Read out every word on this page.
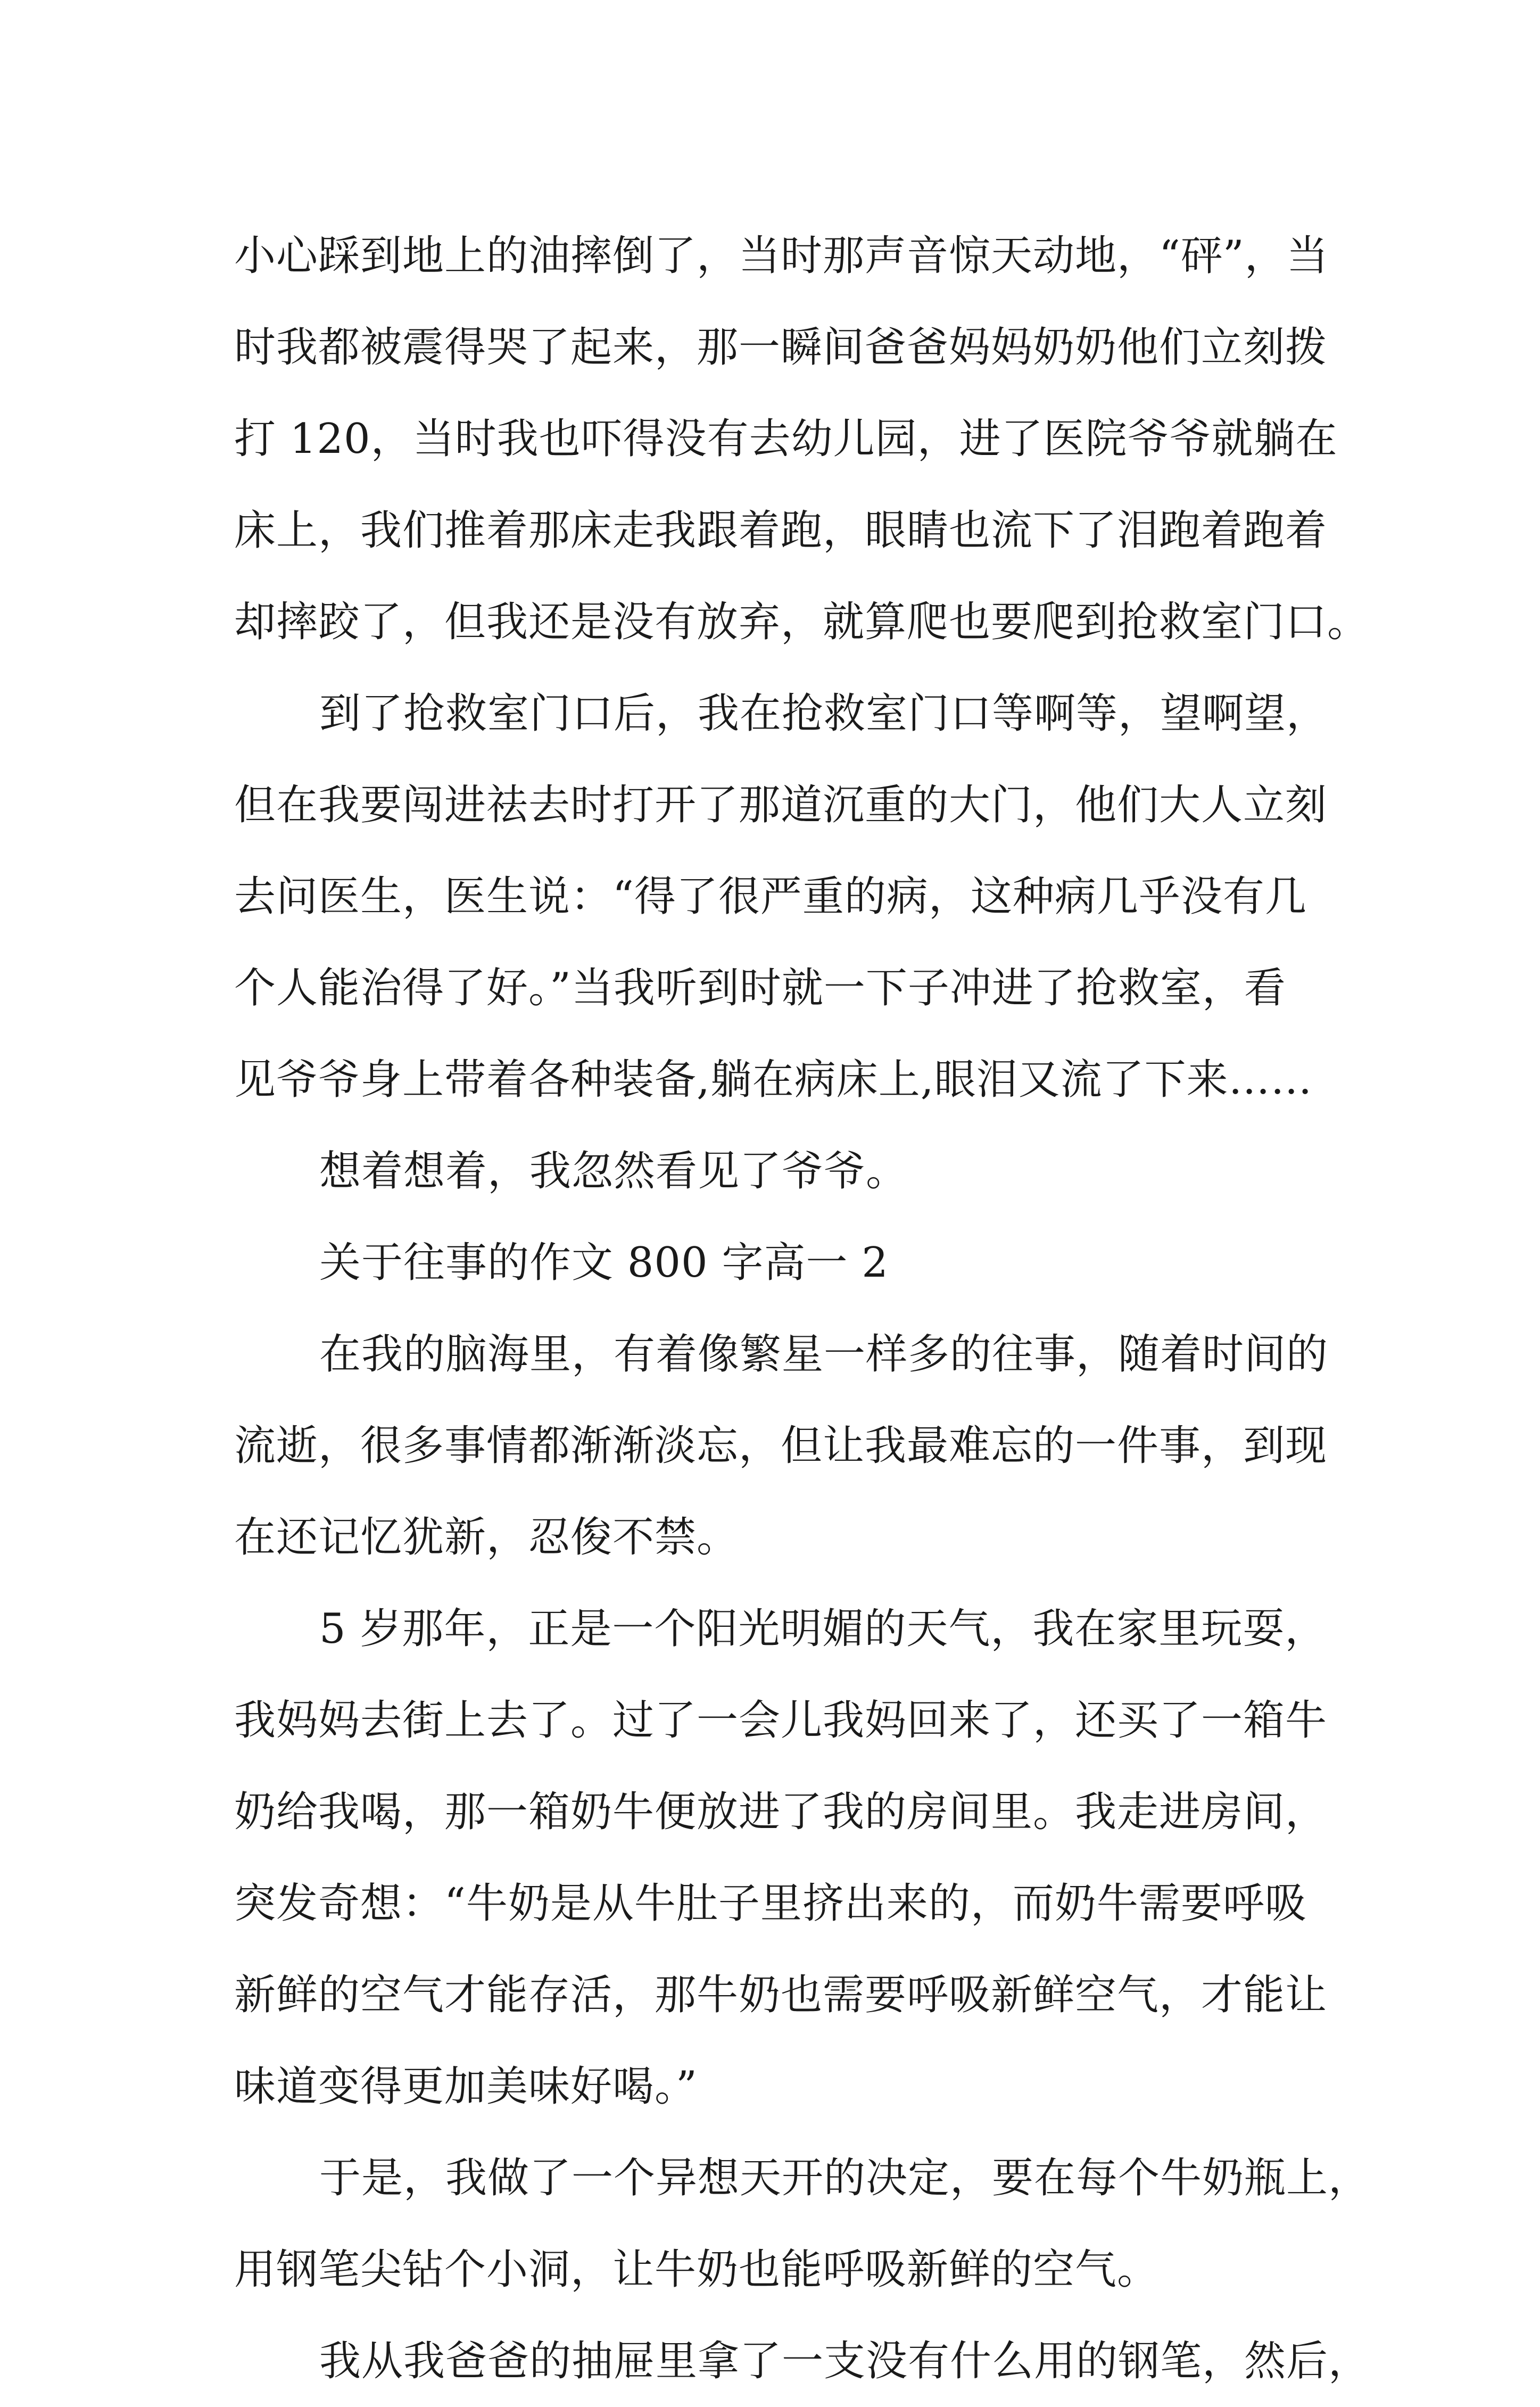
小心踩到地上的油摔倒了，当时那声音惊天动地，“砰”，当
时我都被震得哭了起来，那一瞬间爸爸妈妈奶奶他们立刻拨
打 120，当时我也吓得没有去幼儿园，进了医院爷爷就躺在
床上，我们推着那床走我跟着跑，眼睛也流下了泪跑着跑着
却摔跤了，但我还是没有放弃，就算爬也要爬到抢救室门口。
到了抢救室门口后，我在抢救室门口等啊等，望啊望，
但在我要闯进祛去时打开了那道沉重的大门，他们大人立刻
去问医生，医生说：“得了很严重的病，这种病几乎没有几
个人能治得了好。”当我听到时就一下子冲进了抢救室，看
见爷爷身上带着各种装备,躺在病床上,眼泪又流了下来……
想着想着，我忽然看见了爷爷。
关于往事的作文 800 字高一 2
在我的脑海里，有着像繁星一样多的往事，随着时间的
流逝，很多事情都渐渐淡忘，但让我最难忘的一件事，到现
在还记忆犹新，忍俊不禁。
5 岁那年，正是一个阳光明媚的天气，我在家里玩耍，
我妈妈去街上去了。过了一会儿我妈回来了，还买了一箱牛
奶给我喝，那一箱奶牛便放进了我的房间里。我走进房间，
突发奇想：“牛奶是从牛肚子里挤出来的，而奶牛需要呼吸
新鲜的空气才能存活，那牛奶也需要呼吸新鲜空气，才能让
味道变得更加美味好喝。”
于是，我做了一个异想天开的决定，要在每个牛奶瓶上，
用钢笔尖钻个小洞，让牛奶也能呼吸新鲜的空气。
我从我爸爸的抽屉里拿了一支没有什么用的钢笔，然后，
